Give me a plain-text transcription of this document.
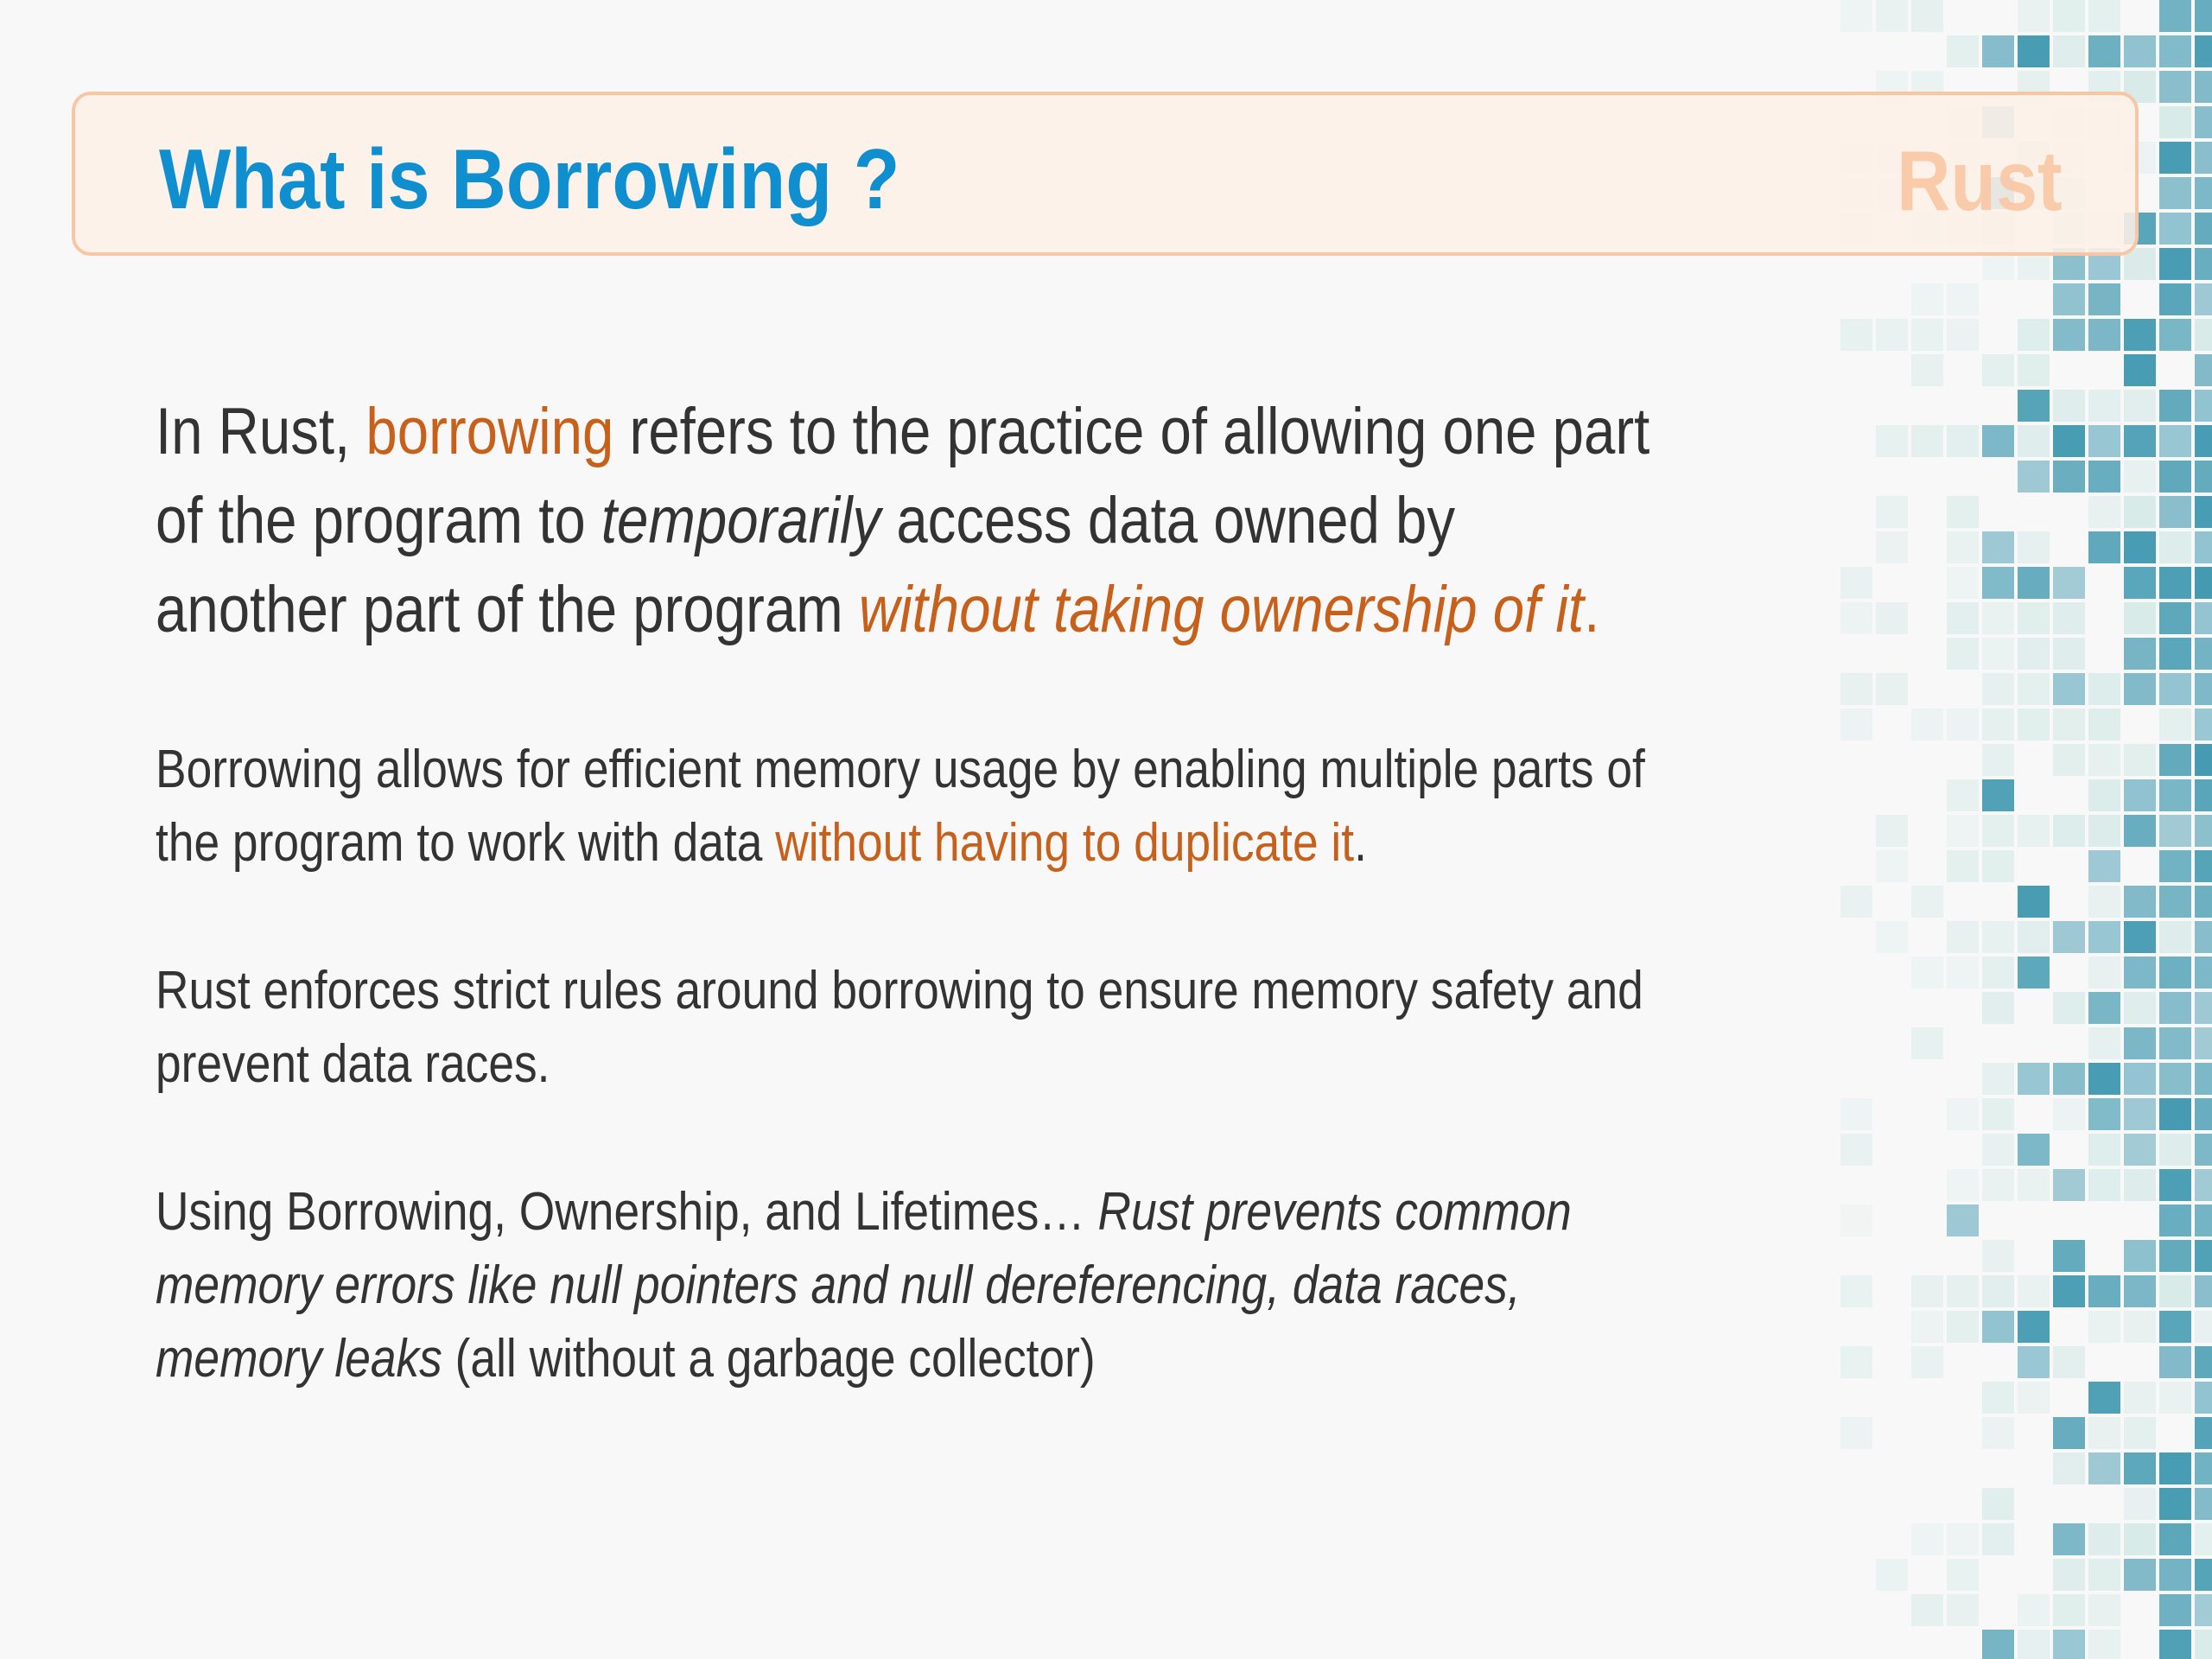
What is Borrowing ?	Rust

In Rust, borrowing refers to the practice of allowing one part of the program to temporarily access data owned by another part of the program without taking ownership of it.

Borrowing allows for efficient memory usage by enabling multiple parts of the program to work with data without having to duplicate it.

Rust enforces strict rules around borrowing to ensure memory safety and prevent data races.

Using Borrowing, Ownership, and Lifetimes… Rust prevents common memory errors like null pointers and null dereferencing, data races, memory leaks (all without a garbage collector)
